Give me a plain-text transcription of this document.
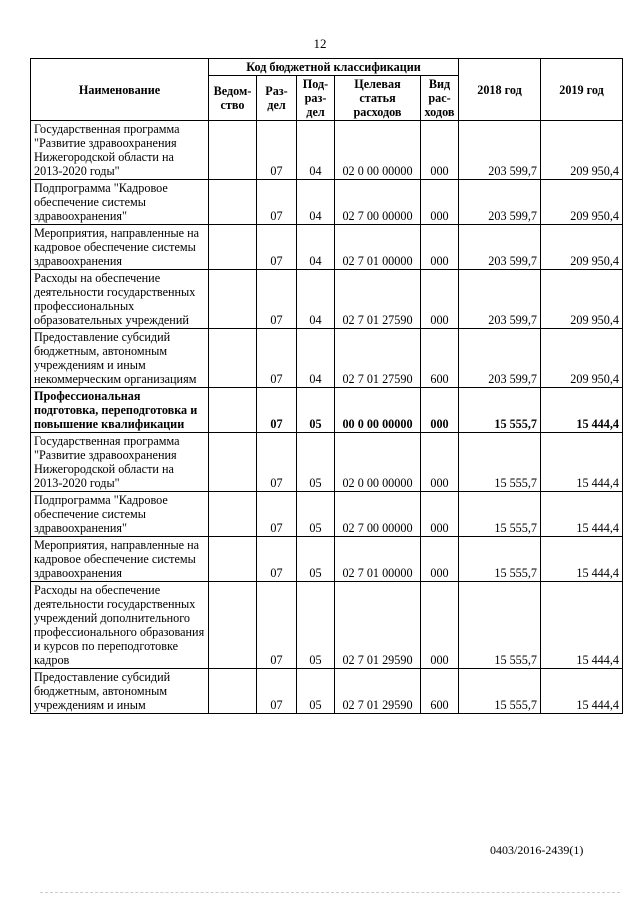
12
Наименование	Код бюджетной классификации					2018 год	2019 год
	Ведом-ство	Раз-дел	Под-раз-дел	Целевая статья расходов	Вид рас-ходов		
Государственная программа "Развитие здравоохранения Нижегородской области на 2013-2020 годы"		07	04	02 0 00 00000	000	203 599,7	209 950,4
Подпрограмма "Кадровое обеспечение системы здравоохранения"		07	04	02 7 00 00000	000	203 599,7	209 950,4
Мероприятия, направленные на кадровое обеспечение системы здравоохранения		07	04	02 7 01 00000	000	203 599,7	209 950,4
Расходы на обеспечение деятельности государственных профессиональных образовательных учреждений		07	04	02 7 01 27590	000	203 599,7	209 950,4
Предоставление субсидий бюджетным, автономным учреждениям и иным некоммерческим организациям		07	04	02 7 01 27590	600	203 599,7	209 950,4
Профессиональная подготовка, переподготовка и повышение квалификации		07	05	00 0 00 00000	000	15 555,7	15 444,4
Государственная программа "Развитие здравоохранения Нижегородской области на 2013-2020 годы"		07	05	02 0 00 00000	000	15 555,7	15 444,4
Подпрограмма "Кадровое обеспечение системы здравоохранения"		07	05	02 7 00 00000	000	15 555,7	15 444,4
Мероприятия, направленные на кадровое обеспечение системы здравоохранения		07	05	02 7 01 00000	000	15 555,7	15 444,4
Расходы на обеспечение деятельности государственных учреждений дополнительного профессионального образования и курсов по переподготовке кадров		07	05	02 7 01 29590	000	15 555,7	15 444,4
Предоставление субсидий бюджетным, автономным учреждениям и иным		07	05	02 7 01 29590	600	15 555,7	15 444,4
0403/2016-2439(1)
